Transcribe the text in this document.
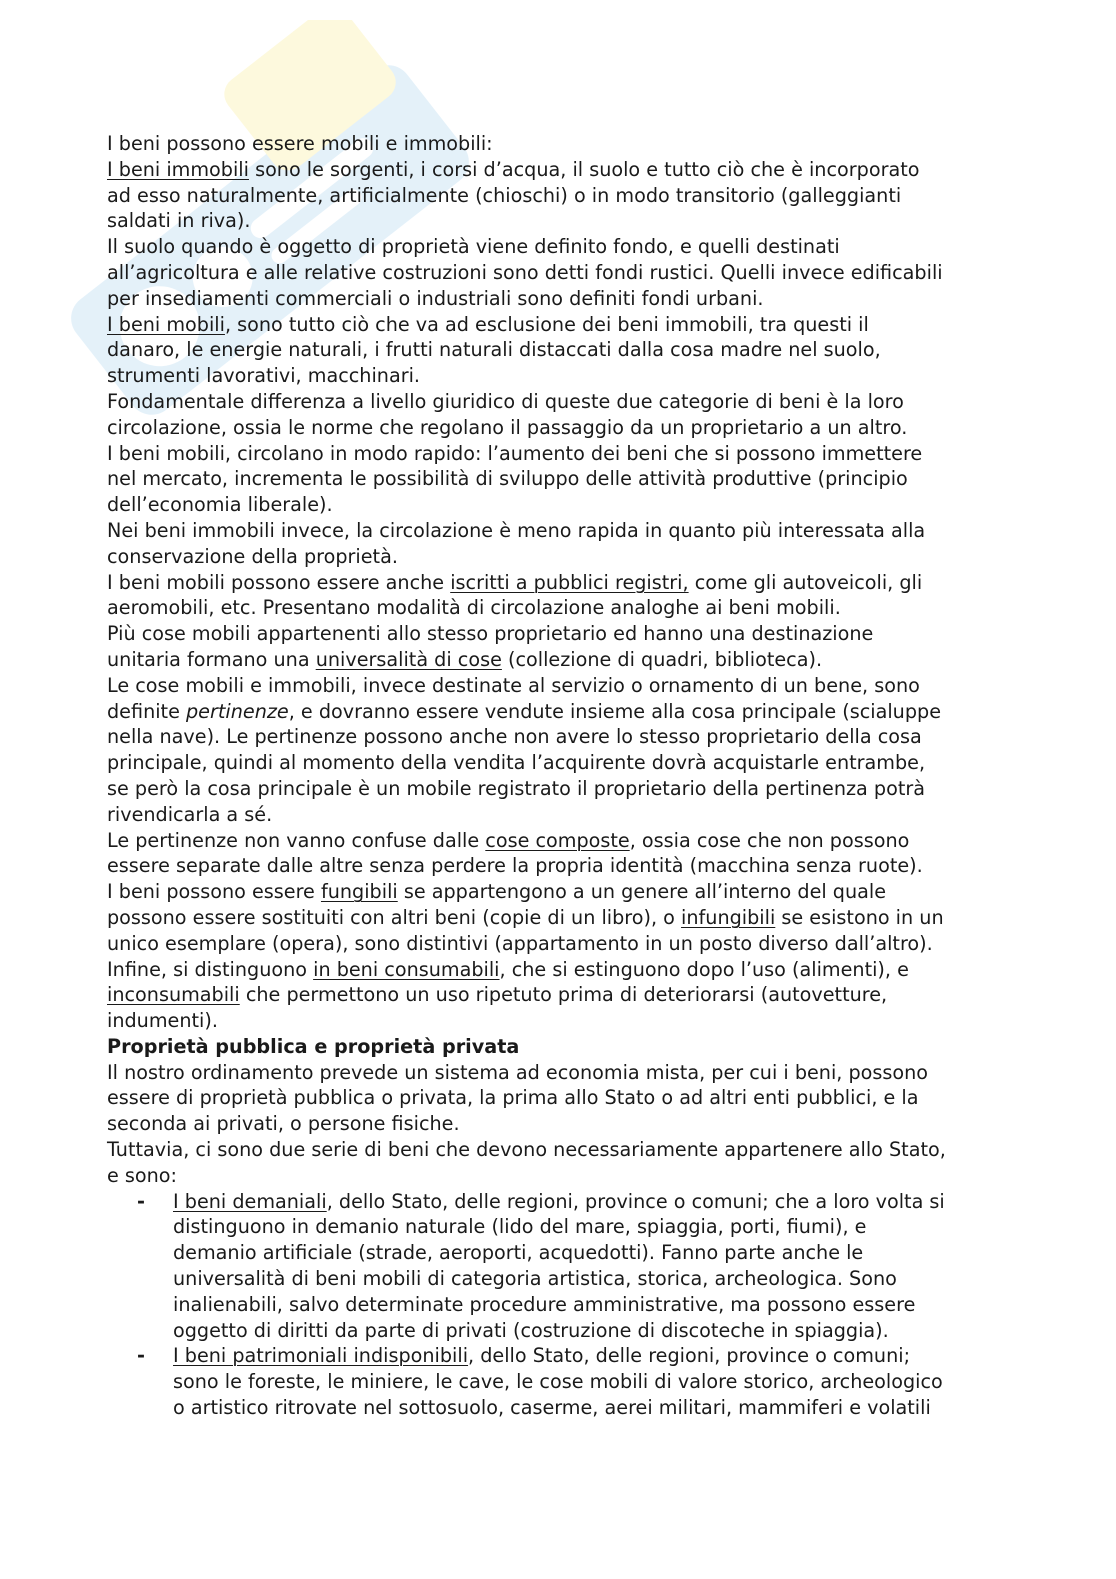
I beni possono essere mobili e immobili:
I beni immobili sono le sorgenti, i corsi d’acqua, il suolo e tutto ciò che è incorporato
ad esso naturalmente, artificialmente (chioschi) o in modo transitorio (galleggianti
saldati in riva).
Il suolo quando è oggetto di proprietà viene definito fondo, e quelli destinati
all’agricoltura e alle relative costruzioni sono detti fondi rustici. Quelli invece edificabili
per insediamenti commerciali o industriali sono definiti fondi urbani.
I beni mobili, sono tutto ciò che va ad esclusione dei beni immobili, tra questi il
danaro, le energie naturali, i frutti naturali distaccati dalla cosa madre nel suolo,
strumenti lavorativi, macchinari.
Fondamentale differenza a livello giuridico di queste due categorie di beni è la loro
circolazione, ossia le norme che regolano il passaggio da un proprietario a un altro.
I beni mobili, circolano in modo rapido: l’aumento dei beni che si possono immettere
nel mercato, incrementa le possibilità di sviluppo delle attività produttive (principio
dell’economia liberale).
Nei beni immobili invece, la circolazione è meno rapida in quanto più interessata alla
conservazione della proprietà.
I beni mobili possono essere anche iscritti a pubblici registri, come gli autoveicoli, gli
aeromobili, etc. Presentano modalità di circolazione analoghe ai beni mobili.
Più cose mobili appartenenti allo stesso proprietario ed hanno una destinazione
unitaria formano una universalità di cose (collezione di quadri, biblioteca).
Le cose mobili e immobili, invece destinate al servizio o ornamento di un bene, sono
definite pertinenze, e dovranno essere vendute insieme alla cosa principale (scialuppe
nella nave). Le pertinenze possono anche non avere lo stesso proprietario della cosa
principale, quindi al momento della vendita l’acquirente dovrà acquistarle entrambe,
se però la cosa principale è un mobile registrato il proprietario della pertinenza potrà
rivendicarla a sé.
Le pertinenze non vanno confuse dalle cose composte, ossia cose che non possono
essere separate dalle altre senza perdere la propria identità (macchina senza ruote).
I beni possono essere fungibili se appartengono a un genere all’interno del quale
possono essere sostituiti con altri beni (copie di un libro), o infungibili se esistono in un
unico esemplare (opera), sono distintivi (appartamento in un posto diverso dall’altro).
Infine, si distinguono in beni consumabili, che si estinguono dopo l’uso (alimenti), e
inconsumabili che permettono un uso ripetuto prima di deteriorarsi (autovetture,
indumenti).
Proprietà pubblica e proprietà privata
Il nostro ordinamento prevede un sistema ad economia mista, per cui i beni, possono
essere di proprietà pubblica o privata, la prima allo Stato o ad altri enti pubblici, e la
seconda ai privati, o persone fisiche.
Tuttavia, ci sono due serie di beni che devono necessariamente appartenere allo Stato,
e sono:
- I beni demaniali, dello Stato, delle regioni, province o comuni; che a loro volta si
distinguono in demanio naturale (lido del mare, spiaggia, porti, fiumi), e
demanio artificiale (strade, aeroporti, acquedotti). Fanno parte anche le
universalità di beni mobili di categoria artistica, storica, archeologica. Sono
inalienabili, salvo determinate procedure amministrative, ma possono essere
oggetto di diritti da parte di privati (costruzione di discoteche in spiaggia).
- I beni patrimoniali indisponibili, dello Stato, delle regioni, province o comuni;
sono le foreste, le miniere, le cave, le cose mobili di valore storico, archeologico
o artistico ritrovate nel sottosuolo, caserme, aerei militari, mammiferi e volatili
